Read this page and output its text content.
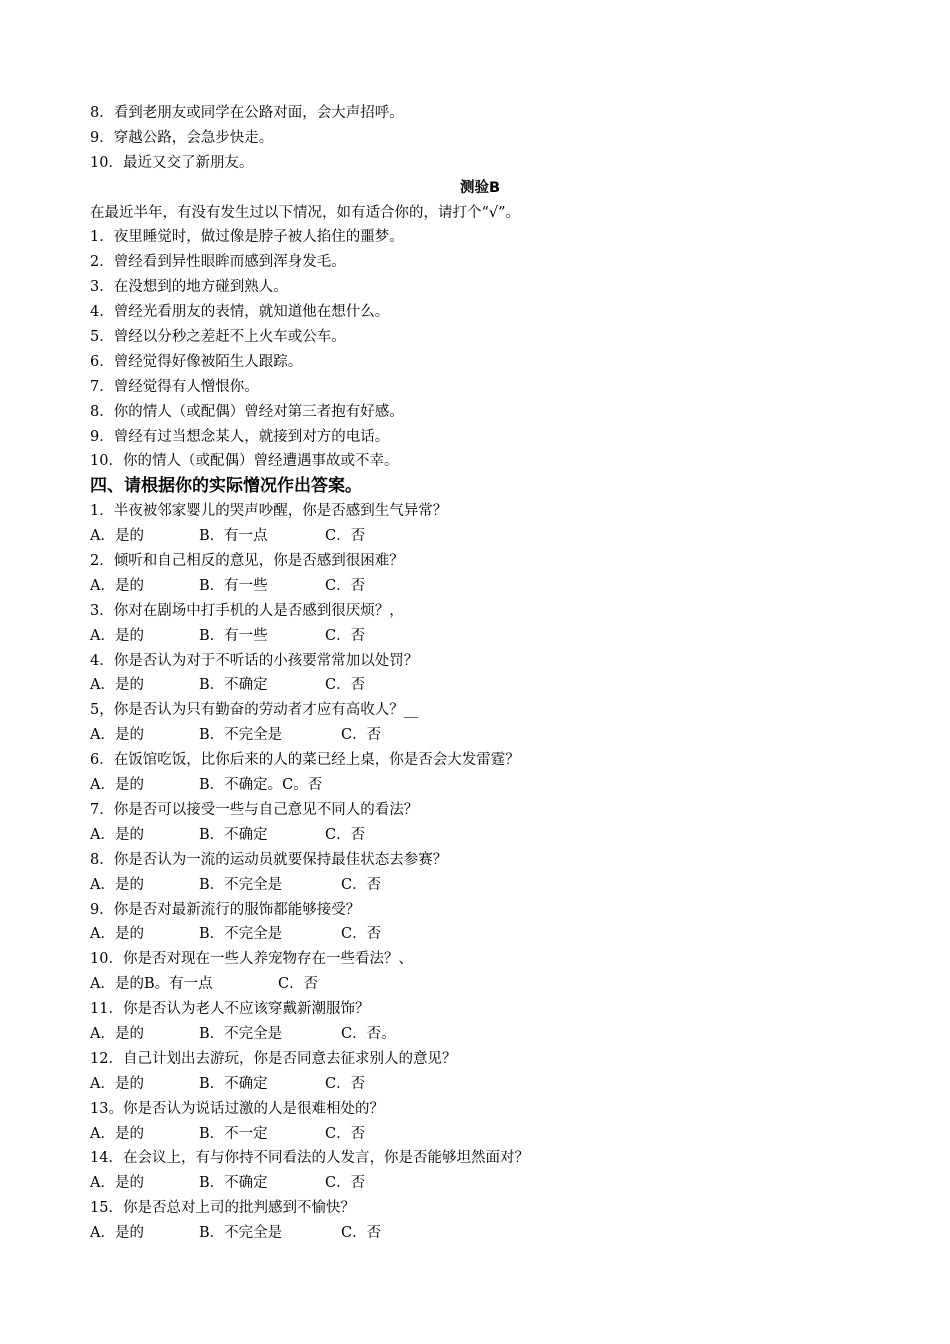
8．看到老朋友或同学在公路对面，会大声招呼。
9．穿越公路，会急步快走。
10．最近又交了新朋友。
测验B
在最近半年，有没有发生过以下情况，如有适合你的，请打个“√”。
1．夜里睡觉时，做过像是脖子被人掐住的噩梦。
2．曾经看到异性眼眸而感到浑身发毛。
3．在没想到的地方碰到熟人。
4．曾经光看朋友的表情，就知道他在想什么。
5．曾经以分秒之差赶不上火车或公车。
6．曾经觉得好像被陌生人跟踪。
7．曾经觉得有人憎恨你。
8．你的情人（或配偶）曾经对第三者抱有好感。
9．曾经有过当想念某人，就接到对方的电话。
10．你的情人（或配偶）曾经遭遇事故或不幸。
四、请根据你的实际憎况作出答案。
1．半夜被邻家婴儿的哭声吵醒，你是否感到生气异常？
A．是的	B．有一点	C．否
2．倾听和自己相反的意见，你是否感到很困难？
A．是的	B．有一些	C．否
3．你对在剧场中打手机的人是否感到很厌烦？，
A．是的	B．有一些	C．否
4．你是否认为对于不听话的小孩要常常加以处罚？
A．是的	B．不确定	C．否
5，你是否认为只有勤奋的劳动者才应有高收人？__
A．是的	B．不完全是	C．否
6．在饭馆吃饭，比你后来的人的菜已经上桌，你是否会大发雷霆？
A．是的	B．不确定。C。否
7．你是否可以接受一些与自己意见不同人的看法？
A．是的	B．不确定	C．否
8．你是否认为一流的运动员就要保持最佳状态去参赛？
A．是的	B．不完全是	C．否
9．你是否对最新流行的服饰都能够接受？
A．是的	B．不完全是	C．否
10．你是否对现在一些人养宠物存在一些看法？、
A．是的B。有一点	C．否
11．你是否认为老人不应该穿戴新潮服饰？
A．是的	B．不完全是	C．否。
12．自己计划出去游玩，你是否同意去征求别人的意见？
A．是的	B．不确定	C．否
13。你是否认为说话过激的人是很难相处的？
A．是的	B．不一定	C．否
14．在会议上，有与你持不同看法的人发言，你是否能够坦然面对？
A．是的	B．不确定	C．否
15．你是否总对上司的批判感到不愉快？
A．是的	B．不完全是	C．否
